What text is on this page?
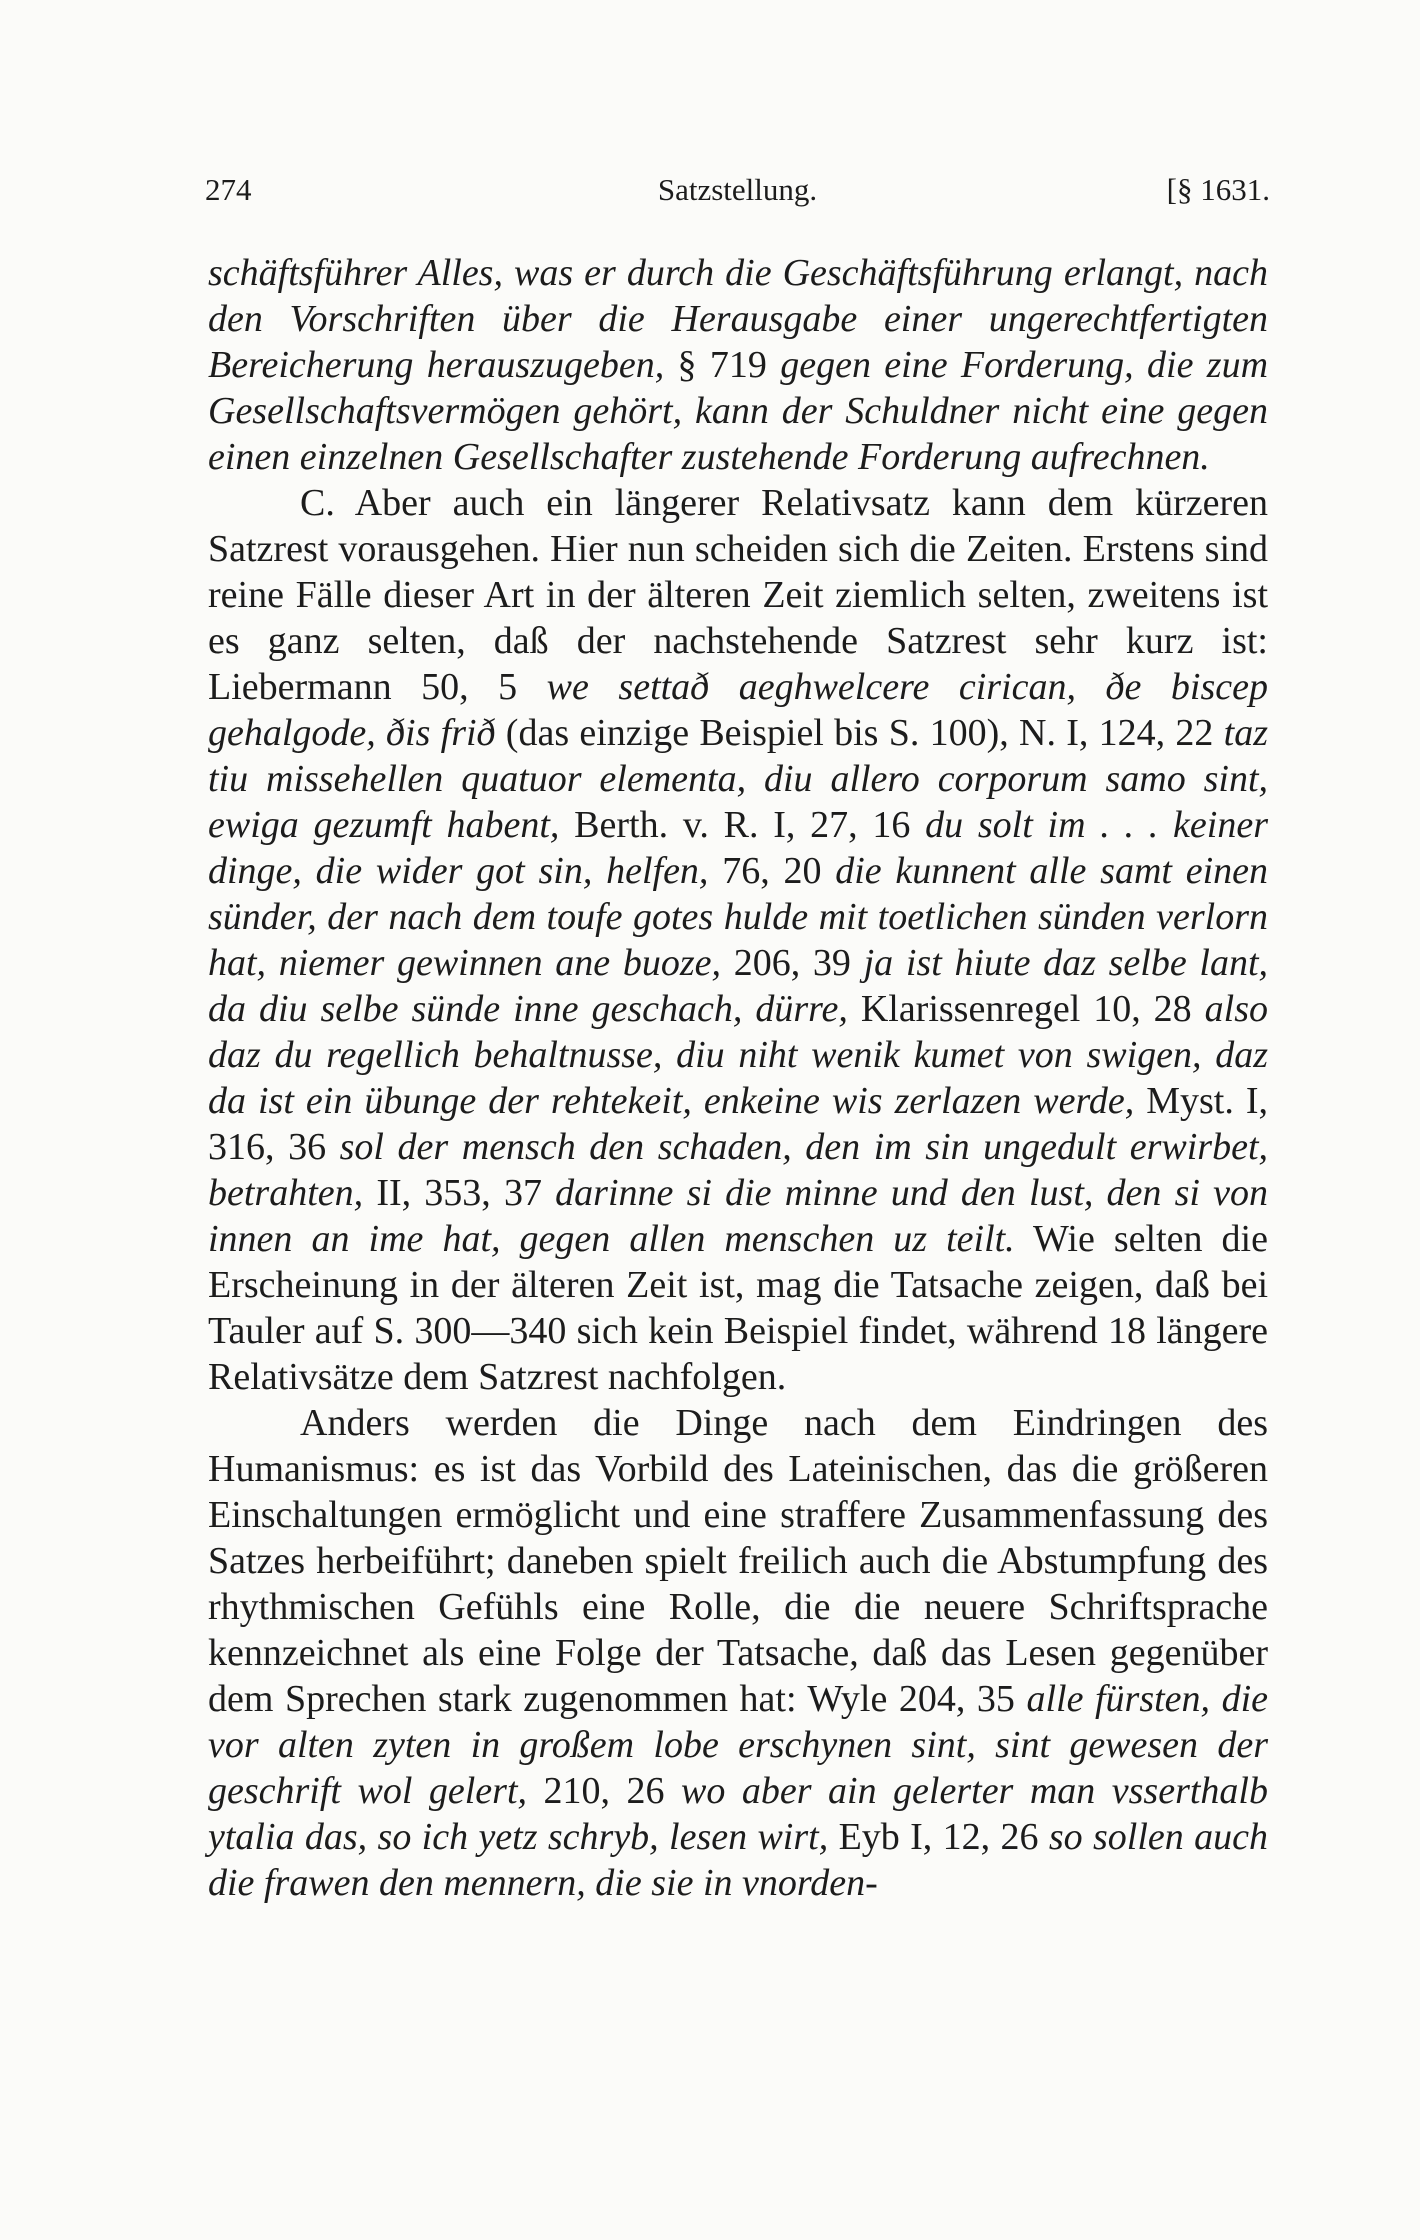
274	Satzstellung.	[§ 1631.

schäftsführer Alles, was er durch die Geschäftsführung erlangt, nach den Vorschriften über die Herausgabe einer ungerechtfertigten Bereicherung herauszugeben, § 719 gegen eine Forderung, die zum Gesellschaftsvermögen gehört, kann der Schuldner nicht eine gegen einen einzelnen Gesellschafter zustehende Forderung aufrechnen.

C. Aber auch ein längerer Relativsatz kann dem kürzeren Satzrest vorausgehen. Hier nun scheiden sich die Zeiten. Erstens sind reine Fälle dieser Art in der älteren Zeit ziemlich selten, zweitens ist es ganz selten, daß der nachstehende Satzrest sehr kurz ist: Liebermann 50, 5 we settað aeghwelcere cirican, ðe biscep gehalgode, ðis frið (das einzige Beispiel bis S. 100), N. I, 124, 22 taz tiu missehellen quatuor elementa, diu allero corporum samo sint, ewiga gezumft habent, Berth. v. R. I, 27, 16 du solt im . . . keiner dinge, die wider got sin, helfen, 76, 20 die kunnent alle samt einen sünder, der nach dem toufe gotes hulde mit toetlichen sünden verlorn hat, niemer gewinnen ane buoze, 206, 39 ja ist hiute daz selbe lant, da diu selbe sünde inne geschach, dürre, Klarissenregel 10, 28 also daz du regellich behaltnusse, diu niht wenik kumet von swigen, daz da ist ein übunge der rehtekeit, enkeine wis zerlazen werde, Myst. I, 316, 36 sol der mensch den schaden, den im sin ungedult erwirbet, betrahten, II, 353, 37 darinne si die minne und den lust, den si von innen an ime hat, gegen allen menschen uz teilt. Wie selten die Erscheinung in der älteren Zeit ist, mag die Tatsache zeigen, daß bei Tauler auf S. 300—340 sich kein Beispiel findet, während 18 längere Relativsätze dem Satzrest nachfolgen.

Anders werden die Dinge nach dem Eindringen des Humanismus: es ist das Vorbild des Lateinischen, das die größeren Einschaltungen ermöglicht und eine straffere Zusammenfassung des Satzes herbeiführt; daneben spielt freilich auch die Abstumpfung des rhythmischen Gefühls eine Rolle, die die neuere Schriftsprache kennzeichnet als eine Folge der Tatsache, daß das Lesen gegenüber dem Sprechen stark zugenommen hat: Wyle 204, 35 alle fürsten, die vor alten zyten in großem lobe erschynen sint, sint gewesen der geschrift wol gelert, 210, 26 wo aber ain gelerter man vsserthalb ytalia das, so ich yetz schryb, lesen wirt, Eyb I, 12, 26 so sollen auch die frawen den mennern, die sie in vnorden-
